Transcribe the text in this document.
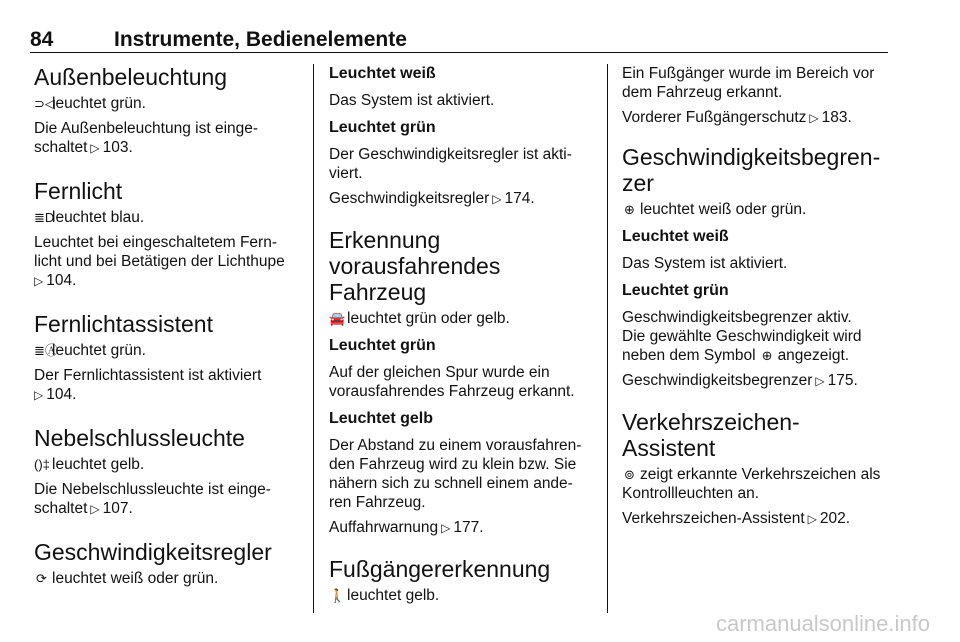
84	Instrumente, Bedienelemente
Außenbeleuchtung

⊃◁leuchtet grün.

Die Außenbeleuchtung ist einge-

schaltet ▷ 103.

Fernlicht

≣Dleuchtet blau.

Leuchtet bei eingeschaltetem Fern-

licht und bei Betätigen der Lichthupe

▷ 104.

Fernlichtassistent

≣Ⓐleuchtet grün.

Der Fernlichtassistent ist aktiviert

▷ 104.

Nebelschlussleuchte

()‡ leuchtet gelb.

Die Nebelschlussleuchte ist einge-

schaltet ▷ 107.

Geschwindigkeitsregler

⟳ leuchtet weiß oder grün.

Leuchtet weiß

Das System ist aktiviert.

Leuchtet grün

Der Geschwindigkeitsregler ist akti-

viert.

Geschwindigkeitsregler ▷ 174.

Erkennung
vorausfahrendes Fahrzeug

🚘 leuchtet grün oder gelb.

Leuchtet grün

Auf der gleichen Spur wurde ein

vorausfahrendes Fahrzeug erkannt.

Leuchtet gelb

Der Abstand zu einem vorausfahren-

den Fahrzeug wird zu klein bzw. Sie

nähern sich zu schnell einem ande-

ren Fahrzeug.

Auffahrwarnung ▷ 177.

Fußgängererkennung

🚶 leuchtet gelb.

Ein Fußgänger wurde im Bereich vor

dem Fahrzeug erkannt.

Vorderer Fußgängerschutz ▷ 183.

Geschwindigkeitsbegren-
zer

⊕ leuchtet weiß oder grün.

Leuchtet weiß

Das System ist aktiviert.

Leuchtet grün

Geschwindigkeitsbegrenzer aktiv.

Die gewählte Geschwindigkeit wird

neben dem Symbol ⊕ angezeigt.

Geschwindigkeitsbegrenzer ▷ 175.

Verkehrszeichen-Assistent

⊚ zeigt erkannte Verkehrszeichen als

Kontrollleuchten an.

Verkehrszeichen-Assistent ▷ 202.

carmanualsonline.info
